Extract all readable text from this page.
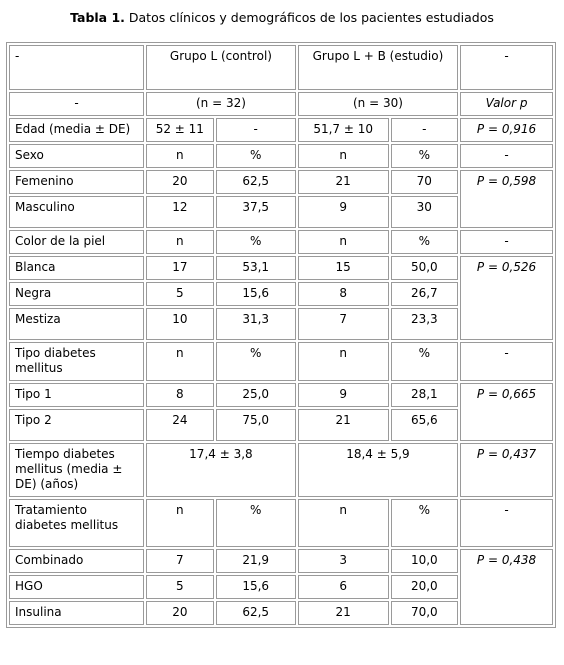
Tabla 1. Datos clínicos y demográficos de los pacientes estudiados
-	Grupo L (control)		Grupo L + B (estudio)		-
-	(n = 32)		(n = 30)		Valor p
Edad (media ± DE)	52 ± 11	-	51,7 ± 10	-	P = 0,916
Sexo	n	%	n	%	-
Femenino	20	62,5	21	70	P = 0,598
Masculino	12	37,5	9	30	
Color de la piel	n	%	n	%	-
Blanca	17	53,1	15	50,0	P = 0,526
Negra	5	15,6	8	26,7	
Mestiza	10	31,3	7	23,3	
Tipo diabetes mellitus	n	%	n	%	-
Tipo 1	8	25,0	9	28,1	P = 0,665
Tipo 2	24	75,0	21	65,6	
Tiempo diabetes mellitus (media ± DE) (años)	17,4 ± 3,8		18,4 ± 5,9		P = 0,437
Tratamiento diabetes mellitus	n	%	n	%	-
Combinado	7	21,9	3	10,0	P = 0,438
HGO	5	15,6	6	20,0	
Insulina	20	62,5	21	70,0	
